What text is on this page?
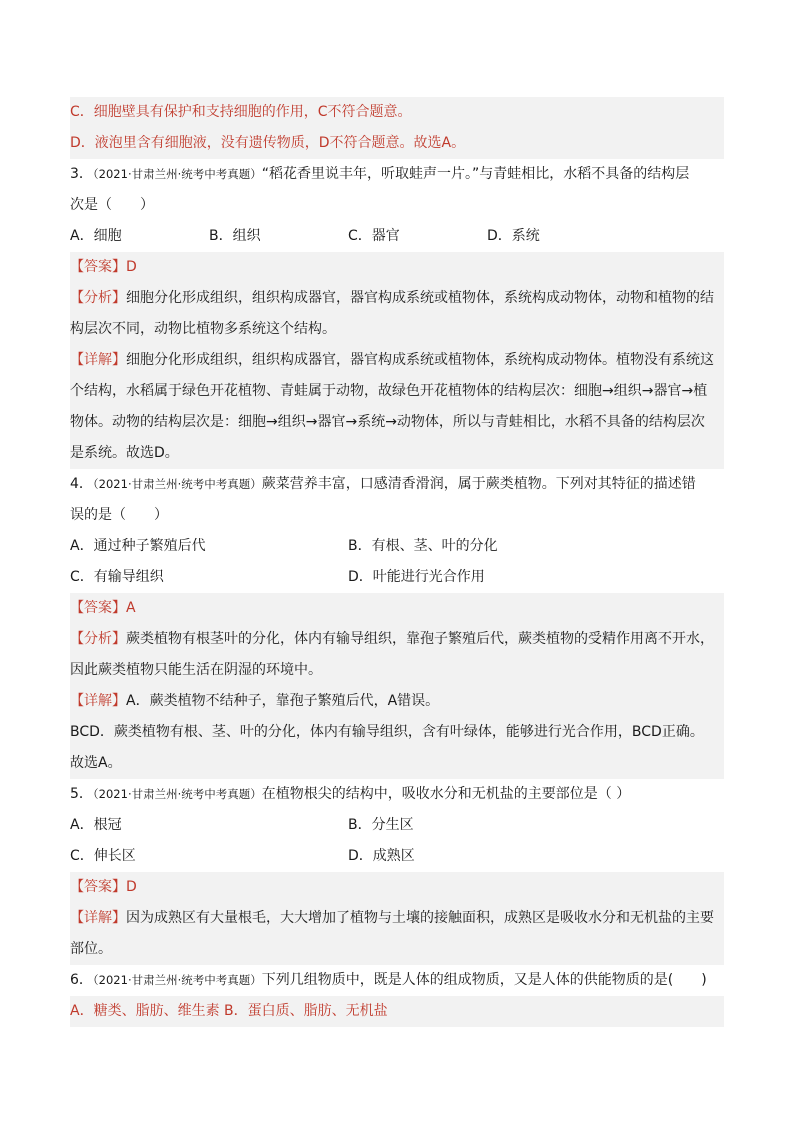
C．细胞壁具有保护和支持细胞的作用，C不符合题意。
D．液泡里含有细胞液，没有遗传物质，D不符合题意。故选A。
3．（2021·甘肃兰州·统考中考真题）“稻花香里说丰年，听取蛙声一片。”与青蛙相比，水稻不具备的结构层
次是（　　）
A．细胞	B．组织	C．器官	D．系统
【答案】D
【分析】细胞分化形成组织，组织构成器官，器官构成系统或植物体，系统构成动物体，动物和植物的结
构层次不同，动物比植物多系统这个结构。
【详解】细胞分化形成组织，组织构成器官，器官构成系统或植物体，系统构成动物体。植物没有系统这
个结构，水稻属于绿色开花植物、青蛙属于动物，故绿色开花植物体的结构层次：细胞→组织→器官→植
物体。动物的结构层次是：细胞→组织→器官→系统→动物体，所以与青蛙相比，水稻不具备的结构层次
是系统。故选D。
4．（2021·甘肃兰州·统考中考真题）蕨菜营养丰富，口感清香滑润，属于蕨类植物。下列对其特征的描述错
误的是（　　）
A．通过种子繁殖后代	B．有根、茎、叶的分化
C．有输导组织	D．叶能进行光合作用
【答案】A
【分析】蕨类植物有根茎叶的分化，体内有输导组织，靠孢子繁殖后代，蕨类植物的受精作用离不开水，
因此蕨类植物只能生活在阴湿的环境中。
【详解】A．蕨类植物不结种子，靠孢子繁殖后代，A错误。
BCD．蕨类植物有根、茎、叶的分化，体内有输导组织，含有叶绿体，能够进行光合作用，BCD正确。
故选A。
5．（2021·甘肃兰州·统考中考真题）在植物根尖的结构中，吸收水分和无机盐的主要部位是（ ）
A．根冠	B．分生区
C．伸长区	D．成熟区
【答案】D
【详解】因为成熟区有大量根毛，大大增加了植物与土壤的接触面积，成熟区是吸收水分和无机盐的主要
部位。
6．（2021·甘肃兰州·统考中考真题）下列几组物质中，既是人体的组成物质，又是人体的供能物质的是(　　)
A．糖类、脂肪、维生素 B．蛋白质、脂肪、无机盐
